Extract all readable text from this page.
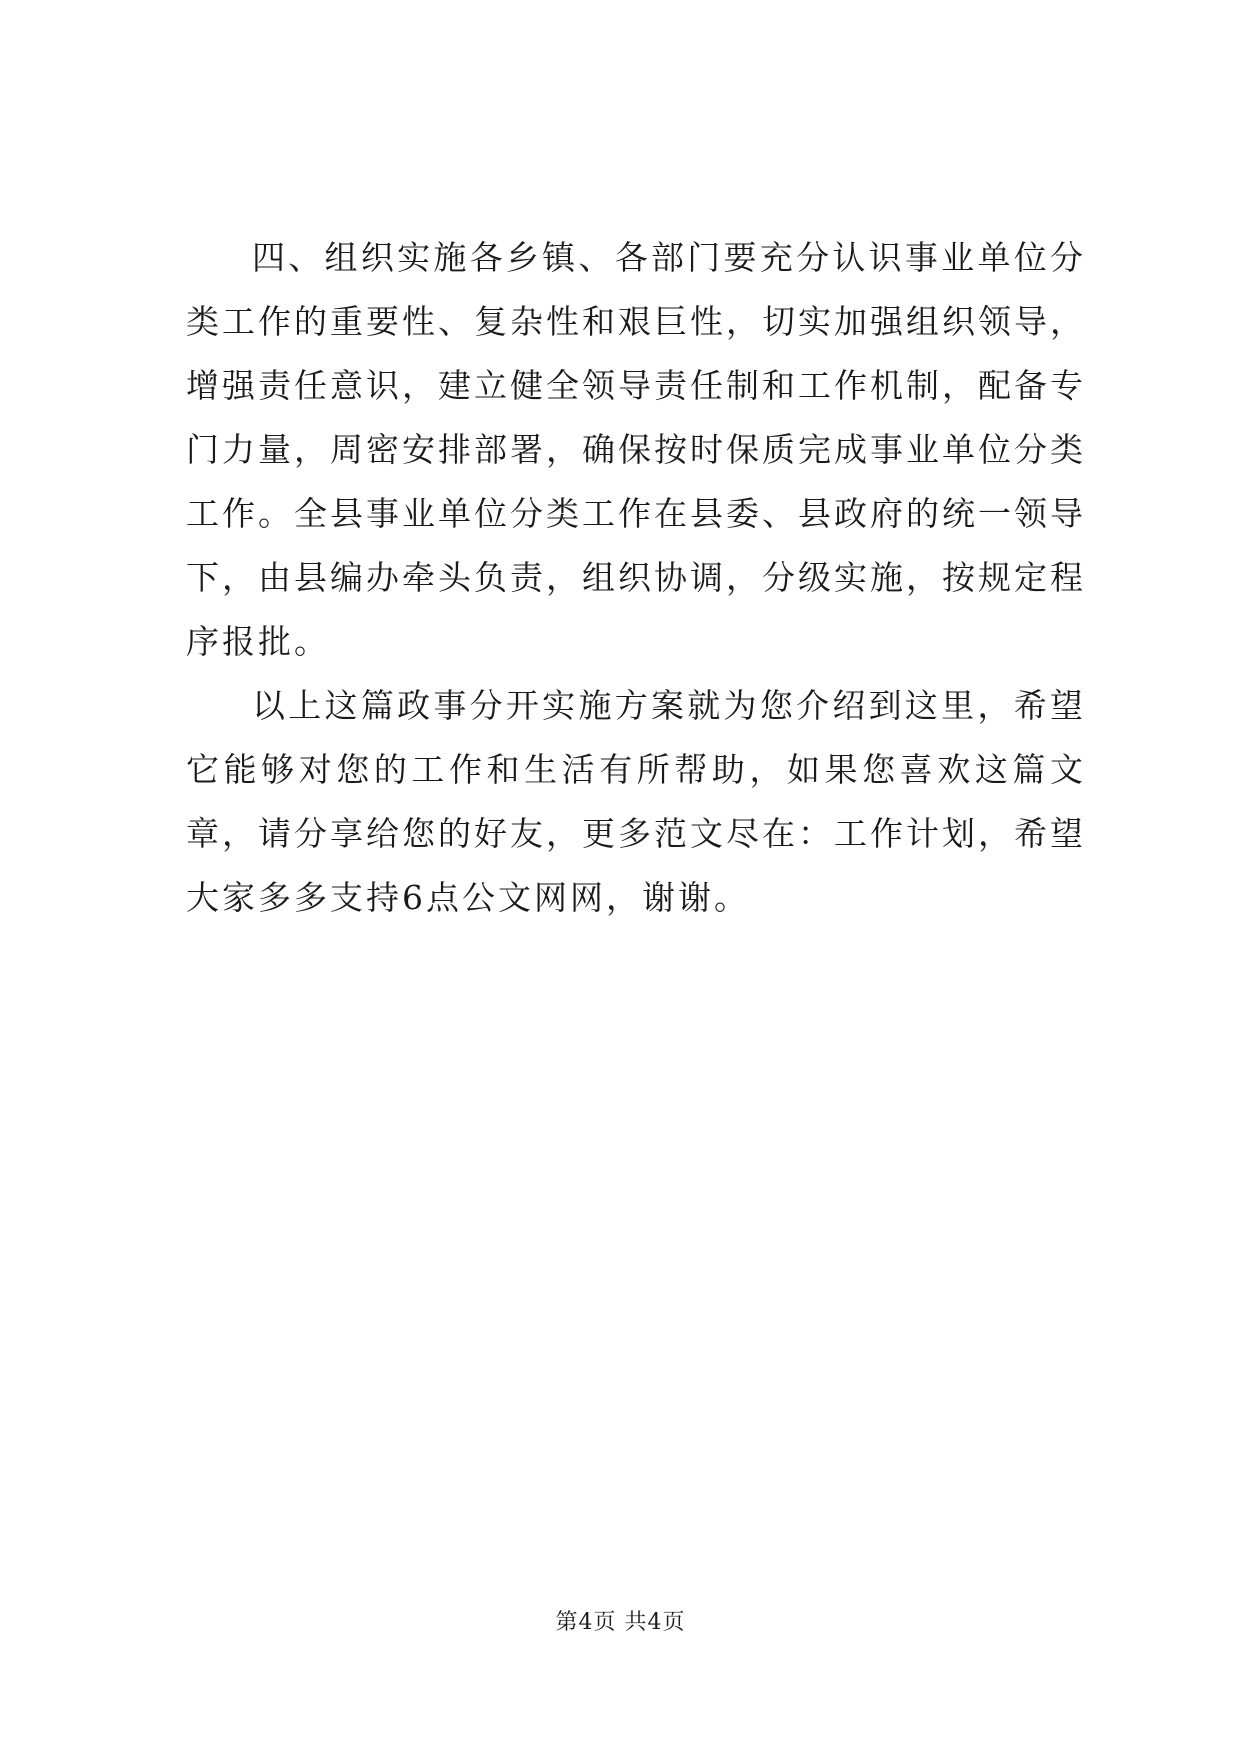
四、组织实施各乡镇、各部门要充分认识事业单位分类工作的重要性、复杂性和艰巨性，切实加强组织领导，增强责任意识，建立健全领导责任制和工作机制，配备专门力量，周密安排部署，确保按时保质完成事业单位分类工作。全县事业单位分类工作在县委、县政府的统一领导下，由县编办牵头负责，组织协调，分级实施，按规定程序报批。

以上这篇政事分开实施方案就为您介绍到这里，希望它能够对您的工作和生活有所帮助，如果您喜欢这篇文章，请分享给您的好友，更多范文尽在：工作计划，希望大家多多支持6点公文网网，谢谢。

第4页 共4页
